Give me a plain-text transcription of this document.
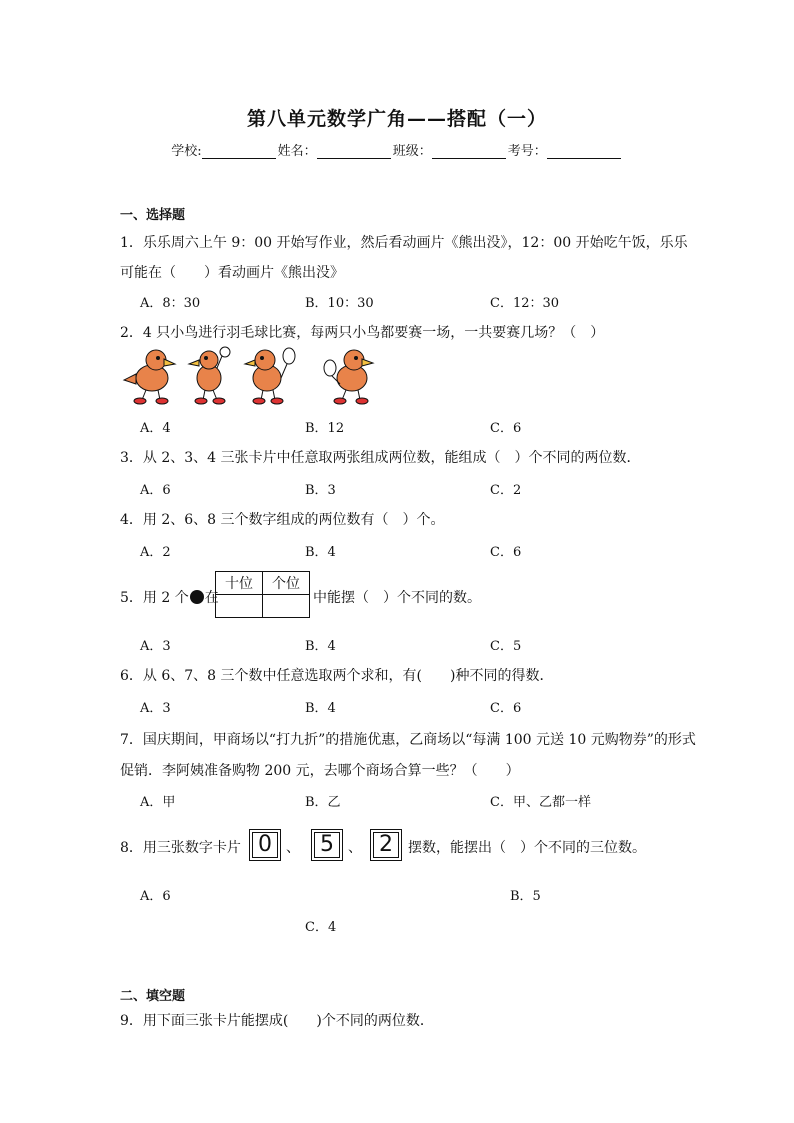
第八单元数学广角——搭配（一）
学校:	姓名：	班级：	考号：
一、选择题
1．乐乐周六上午 9：00 开始写作业，然后看动画片《熊出没》，12：00 开始吃午饭，乐乐
可能在（　　）看动画片《熊出没》
A．8：30	B．10：30	C．12：30
2．4 只小鸟进行羽毛球比赛，每两只小鸟都要赛一场，一共要赛几场？（　）
A．4	B．12	C．6
3．从 2、3、4 三张卡片中任意取两张组成两位数，能组成（　）个不同的两位数．
A．6	B．3	C．2
4．用 2、6、8 三个数字组成的两位数有（　）个。
A．2	B．4	C．6
5．用 2 个 在
十位	个位

中能摆（　）个不同的数。
A．3	B．4	C．5
6．从 6、7、8 三个数中任意选取两个求和，有(　　)种不同的得数．
A．3	B．4	C．6
7．国庆期间，甲商场以“打九折”的措施优惠，乙商场以“每满 100 元送 10 元购物券”的形式
促销．李阿姨准备购物 200 元，去哪个商场合算一些？（　　）
A．甲	B．乙	C．甲、乙都一样
8．用三张数字卡片 0	、 5	、 2	摆数，能摆出（　）个不同的三位数。
A．6	B．5
C．4
二、填空题
9．用下面三张卡片能摆成(　　)个不同的两位数．
